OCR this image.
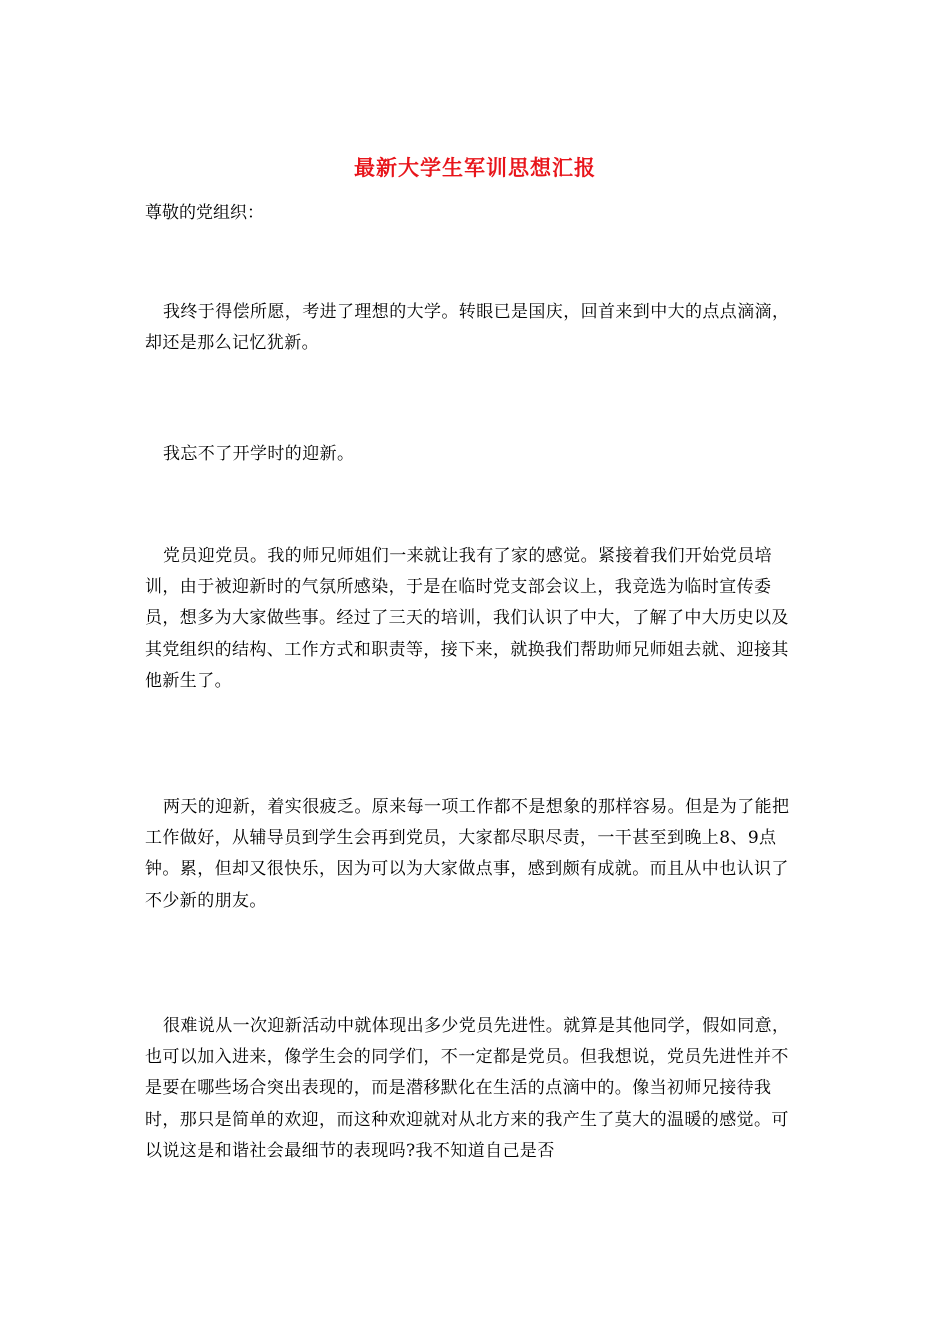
最新大学生军训思想汇报
尊敬的党组织：

我终于得偿所愿，考进了理想的大学。转眼已是国庆，回首来到中大的点点滴滴，却还是那么记忆犹新。

我忘不了开学时的迎新。

党员迎党员。我的师兄师姐们一来就让我有了家的感觉。紧接着我们开始党员培训，由于被迎新时的气氛所感染，于是在临时党支部会议上，我竞选为临时宣传委员，想多为大家做些事。经过了三天的培训，我们认识了中大，了解了中大历史以及其党组织的结构、工作方式和职责等，接下来，就换我们帮助师兄师姐去就、迎接其他新生了。

两天的迎新，着实很疲乏。原来每一项工作都不是想象的那样容易。但是为了能把工作做好，从辅导员到学生会再到党员，大家都尽职尽责，一干甚至到晚上8、9点钟。累，但却又很快乐，因为可以为大家做点事，感到颇有成就。而且从中也认识了不少新的朋友。

很难说从一次迎新活动中就体现出多少党员先进性。就算是其他同学，假如同意，也可以加入进来，像学生会的同学们，不一定都是党员。但我想说，党员先进性并不是要在哪些场合突出表现的，而是潜移默化在生活的点滴中的。像当初师兄接待我时，那只是简单的欢迎，而这种欢迎就对从北方来的我产生了莫大的温暖的感觉。可以说这是和谐社会最细节的表现吗?我不知道自己是否
